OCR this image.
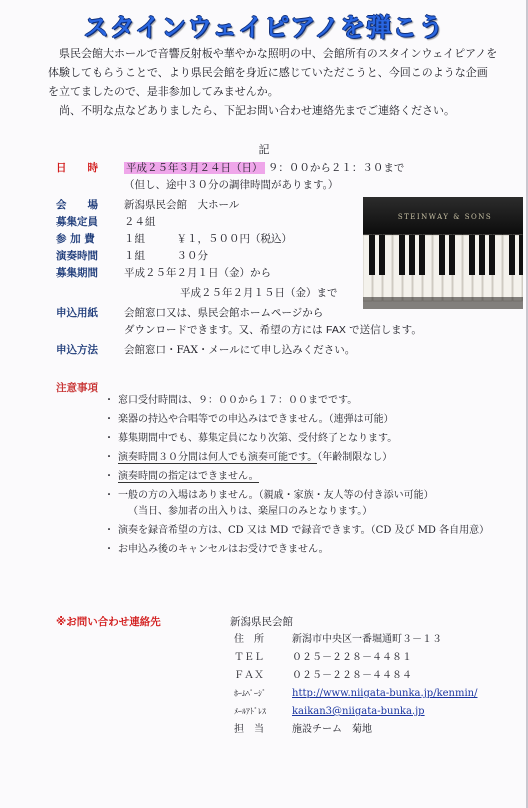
スタインウェイピアノを弾こう

県民会館大ホールで音響反射板や華やかな照明の中、会館所有のスタインウェイピアノを体験してもらうことで、より県民会館を身近に感じていただこうと、今回このような企画を立てましたので、是非参加してみませんか。

尚、不明な点などありましたら、下記お問い合わせ連絡先までご連絡ください。

記
日　　時	平成２５年３月２４日（日） ９：００から２１：３０まで
（但し、途中３０分の調律時間があります。）
会　　場 新潟県民会館　大ホール
募集定員 ２４組
参 加 費	１組　　　￥１，５００円（税込）
演奏時間 １組　　　３０分
募集期間 平成２５年２月１日（金）から
平成２５年２月１５日（金）まで
申込用紙 会館窓口又は、県民会館ホームページから
ダウンロードできます。又、希望の方には FAX で送信します。
申込方法 会館窓口・FAX・メールにて申し込みください。
STEINWAY & SONS
注意事項
・ 窓口受付時間は、９：００から１７：００までです。
・ 楽器の持込や合唱等での申込みはできません。（連弾は可能）
・ 募集期間中でも、募集定員になり次第、受付終了となります。
・ 演奏時間３０分間は何人でも演奏可能です。（年齢制限なし）
・ 演奏時間の指定はできません。
・ 一般の方の入場はありません。（親戚・家族・友人等の付き添い可能）
（当日、参加者の出入りは、楽屋口のみとなります。）
・ 演奏を録音希望の方は、CD 又は MD で録音できます。（CD 及び MD 各自用意）
・ お申込み後のキャンセルはお受けできません。
※お問い合わせ連絡先	新潟県民会館
住　所	新潟市中央区一番堀通町３－１３
ＴＥＬ	０２５－２２８－４４８１
ＦＡＸ	０２５－２２８－４４８４
ﾎｰﾑﾍﾟｰｼﾞ	http://www.niigata-bunka.jp/kenmin/
ﾒｰﾙｱﾄﾞﾚｽ	kaikan3@niigata-bunka.jp
担　当	施設チーム　菊地
